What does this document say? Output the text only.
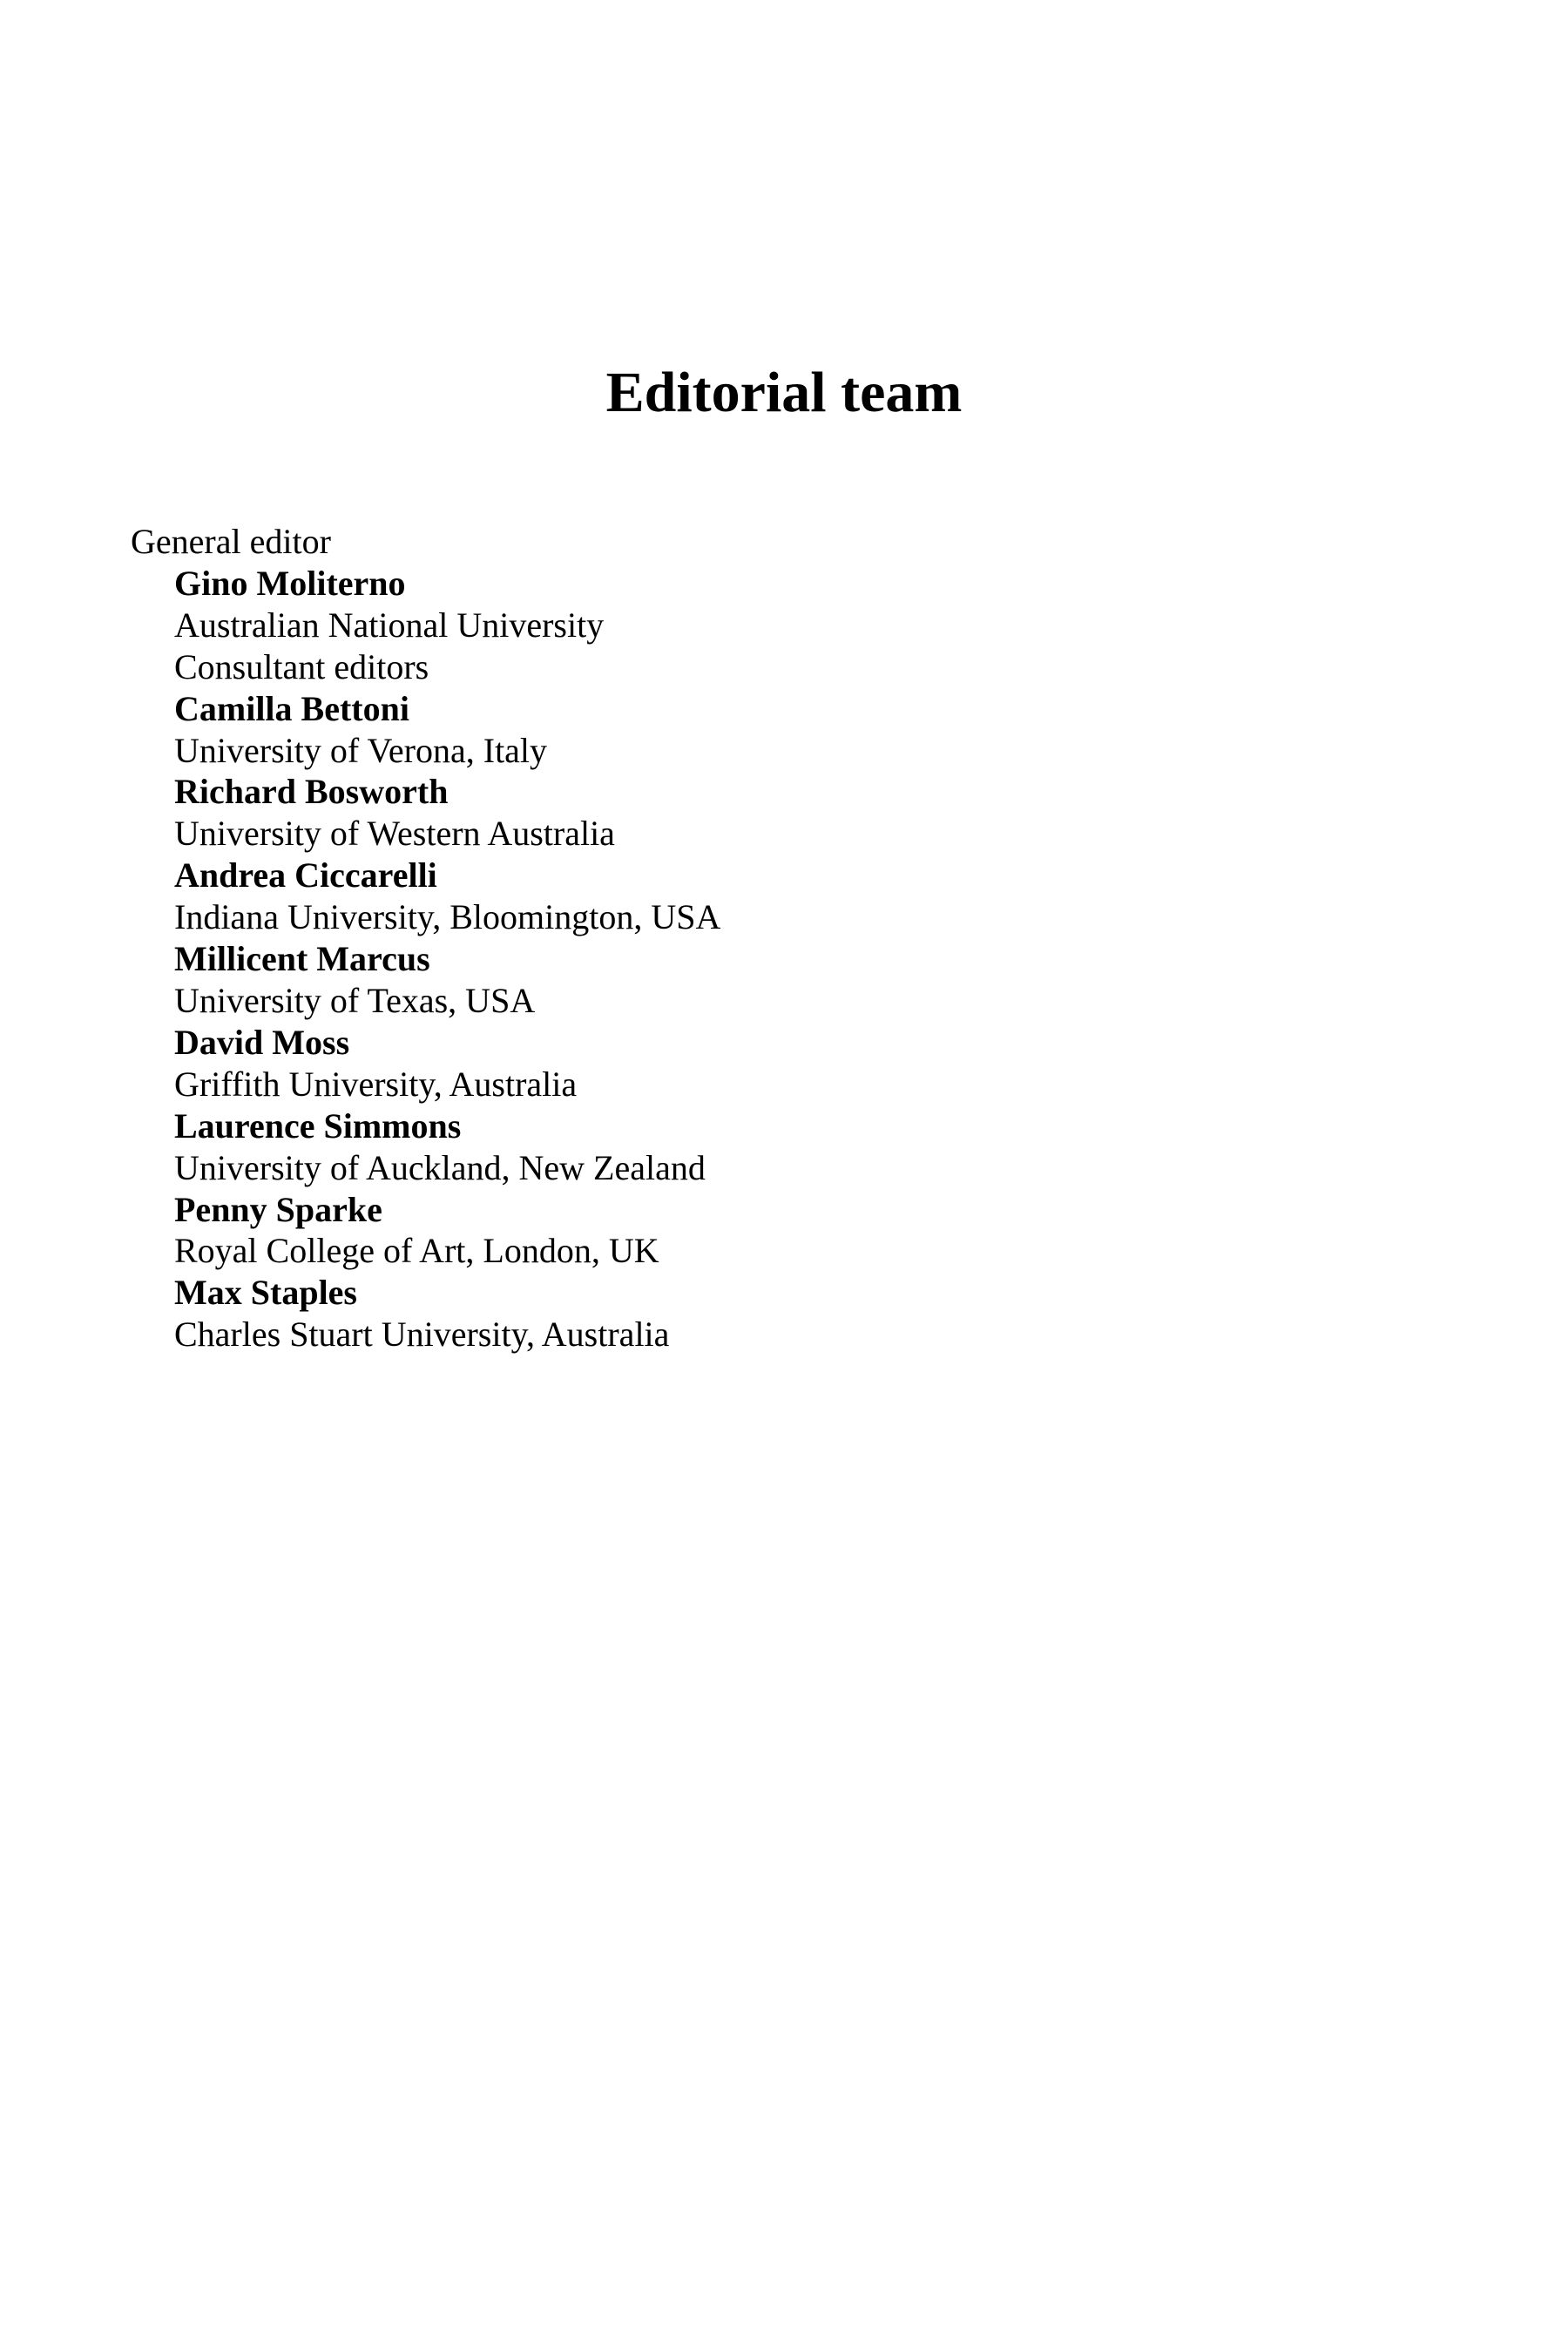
Editorial team
General editor
Gino Moliterno
Australian National University
Consultant editors
Camilla Bettoni
University of Verona, Italy
Richard Bosworth
University of Western Australia
Andrea Ciccarelli
Indiana University, Bloomington, USA
Millicent Marcus
University of Texas, USA
David Moss
Griffith University, Australia
Laurence Simmons
University of Auckland, New Zealand
Penny Sparke
Royal College of Art, London, UK
Max Staples
Charles Stuart University, Australia
